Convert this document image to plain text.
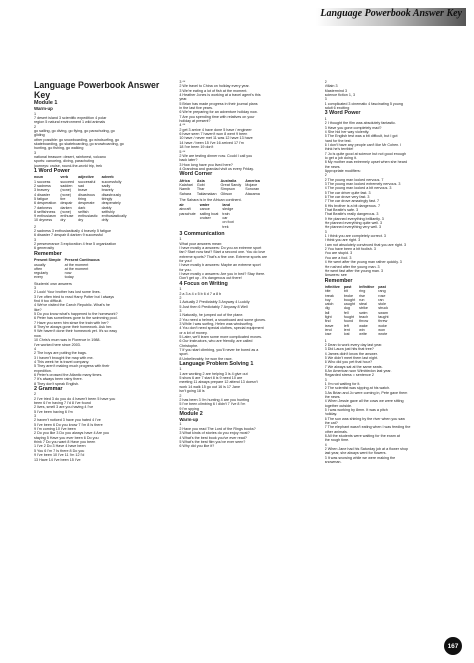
Language Powerbook Answer Key

Language Powerbook Answer Key

Module 1

Warm-up

1

7 desert island 3 scientific expedition 4 polar

region 5 natural environment 1 wild animals

2

go sailing, go diving, go flying, go parachuting, go

gliding

other possible: go snowboarding, go windsurfing, go

skateboarding, go skateboarding, go snowboarding, go

hunting, go fishing, go walking

3

national treasure: desert, rainforest, volcano

sports: canoeing, diving, parachuting

journeys: cruise, round-the-world trip, trek

1 Word Power

noun	verb	adjective	adverb
1 success	succeed	successful	successfully
2 sadness	sadden	sad	sadly
3 bravery	(none)	brave	bravely
4 disaster	(none)	disastrous	disastrously
5 fatigue	tire	tiring	tiringly
6 desperation	despair	desperate	desperately
7 darkness	darken	dark	darkly
8 selfishness	(none)	selfish	selfishly
9 enthusiasm	enthuse	enthusiastic	enthusiastically
10 dryness	dry	dry	drily

2

2 sadness 3 enthusiastically 4 bravely 5 fatigue

6 disaster 7 despair 8 darken 9 successful

3

2 perseverance 3 exploration 4 fear 5 organization

6 generosity

Remember

Present Simple	Present Continuous
usually	at the moment
often	at the moment
regularly	now
every	today

Students' own answers

3

2 Look! Your brother has lost some lines.

3 I've often tried to read Harry Potter but I always

find it too difficult.

4 We've visited the Czech Republic. What's he

like?

5 Do you know what's happened to the homework?

6 Peter has sometimes gone to the swimming pool.

7 Have you seen him sinse the train with her?

8 They're always gone their homework. Ask her.

9 We haven't done their homework yet. It's so easy

now.

10 Chris's mum was in Florence in 1988.

I've worked here since 2003.

4

2 The boys are putting the bags.

3 I haven't brought the map with me.

4 This week he is travel company.

5 They aren't making much progress with their

expedition.

6 Peter's crossed the Atlantic many times.

7 It's always been rainy there.

8 They don't speak English.

2 Grammar

2

2 I've tried 3 do you do 4 haven't been 5 have you

been 6 I'm having 7 I'd 8 I've found

2 lives, smell 3 are you having 4 I've

5 I've been having 6 I'm

3

2 haven't noticed 3 have you hated 4 I've

5 I've been 6 Do you know 7 I'm 8 Is there

9 I'm coming 10 I've been

2 Do you like 3 Do you always have 4 Are you

staying 5 Have you ever been 6 Do you

think 7 Do you want 8 Have you been

1 I've 2 Do 3 Have 4 have been

5 You 6 I'm 7 Is there 8 Do you

9 I've been 10 I've 11 I'm 12 I'd

13 Have 14 I've been 15 I've

3 **

2 We travel to China on holiday every year.

3 We're eating a lot of fish at the moment.

4 Heather Jones is working at a travel agent's this

year.

5 Brian has made progress in their journal plans

in the last five years.

6 We're preparing for an adventure holiday now.

7 Are you spending time with relatives on your

holiday at present?

4 **

2 get 3 arrive 4 have done 5 have / engineer

6 have seen 7 haven't won 8 went 9 been

10 have / never met 11 was 12 have 13 have

14 have / been 15 I've 16 arrived 17 I'm

18 I've been 19 don't

5 **

2 We are testing dinner now. Could I call you

back later?

3 How long have you lived here?

4 Grandma and grandad visit us every Friday.

Word Corner

Africa	Asia	Australia	America
Kalahari	Gobi	Great Sandy	Mojave
Namib	Thar	Simpson	Sonoran
Sahara	Taklamakan	Gibson	Atacama

The Sahara is in the African continent.

air	water	land
aircraft	canoe	sledge
parachute	sailing boat	train
	cruiser	car
		on foot
		trek

3 Communication

1

What your answers mean:

I have mostly a answers: Do you an extreme sport

fan? Start now fast? Start a second one. You do love

extreme sports? That's a fine one. Extreme sports are

for you!

I have mostly b answers: Maybe an extreme sport

for you.

I have mostly c answers: Are you in bed? Stay there.

Don't get up - it's dangerous out there!

4 Focus on Writing

1

2 a 3 a 4 c 5 b 6 d 7 a 8 b

2

1 Actually 2 Predictably 3 Anyway 4 Luckily

5 Just then 6 Predictably 7 Anyway 8 Well

3

1 Naturally, he jumped out of the plane.

2 You need a helmet, a snowboard and some gloves.

3 While I was surfing, Helen was windsurfing.

4 You don't need special clothes, special equipment

or a lot of money.

5 Later, we'll learn some more complicated moves.

6 Our instructors, who are friendly, are called

Christophe.

7 If you start climbing, you'll never be bored as a

sport.

8 Unbelievably, he won the race.

Language Problem Solving 1

1

1 are working 2 are helping 3 is 4 give out

5 show 6 are 7 start 8 is 9 need 10 are

meeting 11 always prepare 12 attend 13 doesn't

work 14 walk 15 go out 16 is 17 Jane

isn't going 18 is

2

2 has been 3 I'm hunting 4 are you hunting

5 I've been climbing 6 I didn't 7 I've 8 I'm

9 I'm spying

Module 2

Warm-up

1

2 Have you read The Lord of the Rings books?

3 What kinds of stories do you enjoy most?

4 What's the best book you've ever read?

5 What's the best film you've ever seen?

6 Why did you like it?

2

Villain 3

Mastermind 3

science fiction 1, 3

3

1 complicated 3 cinematic 4 fascinating 5 young

adult 6 exciting

3 Word Power

1

2 I thought the film was absolutely fantastic.

3 Have you gone completely mad?

4 She hid her way violently.

5 The English test was a bit difficult, but I got

hard for the test.

6 I don't have any people can't like Mr Cohen. I

think he's terrible!

7 Jo is quite good at science but not good enough

to get a job doing it.

8 My mother was extremely upset when she heard

the news.

Appropriate modifiers:

2

2 The young man looked nervous. 7

3 The young man looked extremely nervous. 3

4 The young man looked a bit nervous. 3

5 The car driver quite fast. 3

6 The car drove very fast. 3

7 The car drove amazingly fast. 7

8 His brother is a bit dangerous. 7

That Beatle's safe. 3

That Beatle's really dangerous. 3

9 He planned everything brilliantly. 3

He planned everything quite well. 3

He planned everything very well. 3

3

1 I think you are completely correct. 3

I think you are right. 3

I am not absolutely convinced that you are right. 3

2 You have been a bit foolish. 3

You are stupid. 3

You are a fool. 3

4 He went after the young man rather quickly. 3

He rushed after the young man. 3

He went fast after the young man. 3

Answers: see

Remember

infinitive	past	infinitive	past
bite	bit	ring	rang
break	broke	rise	rose
buy	bought	run	ran
catch	caught	steal	stole
dig	dug	strike	struck
fall	fell	swim	swam
fight	fought	teach	taught
find	found	throw	threw
leave	left	wake	woke
lend	lent	win	won
lose	lost	write	wrote

1

2 Dean to work every day last year.

3 Did Laura just hits that tree?

4 James didn't know the answer.

5 We didn't meet them last night.

6 Who did you pet that hour?

7 We always sat at the same seats.

8 An American won Wimbledon last year.

Regarded stress = sentence 2

3

1 I'm not waiting for it.

2 The scientist was sipping at his watch.

3 As Brian and Jo were coming in, Pete gave them

the news.

4 When Jessie gave all the cows we were sitting

together outside.

5 I was working by 8mm. It was a pitch

holiday.

6 The sun was shining by the river when you saw

the cat?

7 The elephant wasn't eating when I was feeding the

other animals.

8 All the students were waiting for the exam at

the rough time.

4

2 When Jane had his Saturday job at a flower shop

last year, she always went for flowers.

3 It was snowing while we were making the

snowman.

167
